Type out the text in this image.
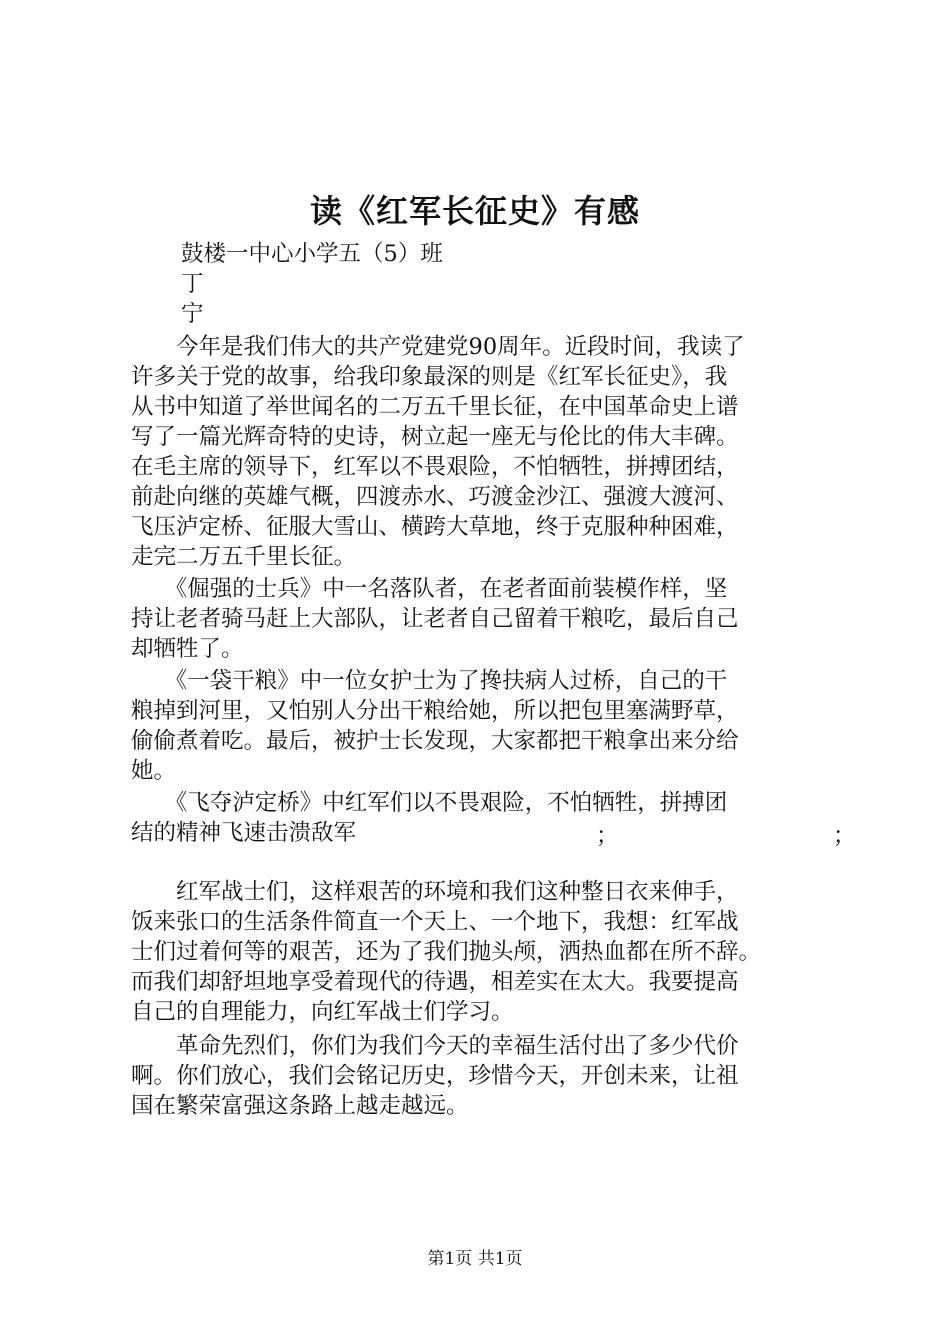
读《红军长征史》有感
鼓楼一中心小学五（5）班
丁
宁
　　今年是我们伟大的共产党建党90周年。近段时间，我读了
许多关于党的故事，给我印象最深的则是《红军长征史》，我
从书中知道了举世闻名的二万五千里长征，在中国革命史上谱
写了一篇光辉奇特的史诗，树立起一座无与伦比的伟大丰碑。
在毛主席的领导下，红军以不畏艰险，不怕牺牲，拼搏团结，
前赴向继的英雄气概，四渡赤水、巧渡金沙江、强渡大渡河、
飞压泸定桥、征服大雪山、横跨大草地，终于克服种种困难，
走完二万五千里长征。
　　《倔强的士兵》中一名落队者，在老者面前装模作样，坚
持让老者骑马赶上大部队，让老者自己留着干粮吃，最后自己
却牺牲了。
　　《一袋干粮》中一位女护士为了搀扶病人过桥，自己的干
粮掉到河里，又怕别人分出干粮给她，所以把包里塞满野草，
偷偷煮着吃。最后，被护士长发现，大家都把干粮拿出来分给
她。
　　《飞夺泸定桥》中红军们以不畏艰险，不怕牺牲，拼搏团
结的精神飞速击溃敌军	；	；
　　红军战士们，这样艰苦的环境和我们这种整日衣来伸手，
饭来张口的生活条件简直一个天上、一个地下，我想：红军战
士们过着何等的艰苦，还为了我们抛头颅，洒热血都在所不辞。
而我们却舒坦地享受着现代的待遇，相差实在太大。我要提高
自己的自理能力，向红军战士们学习。
　　革命先烈们，你们为我们今天的幸福生活付出了多少代价
啊。你们放心，我们会铭记历史，珍惜今天，开创未来，让祖
国在繁荣富强这条路上越走越远。
第1页 共1页
